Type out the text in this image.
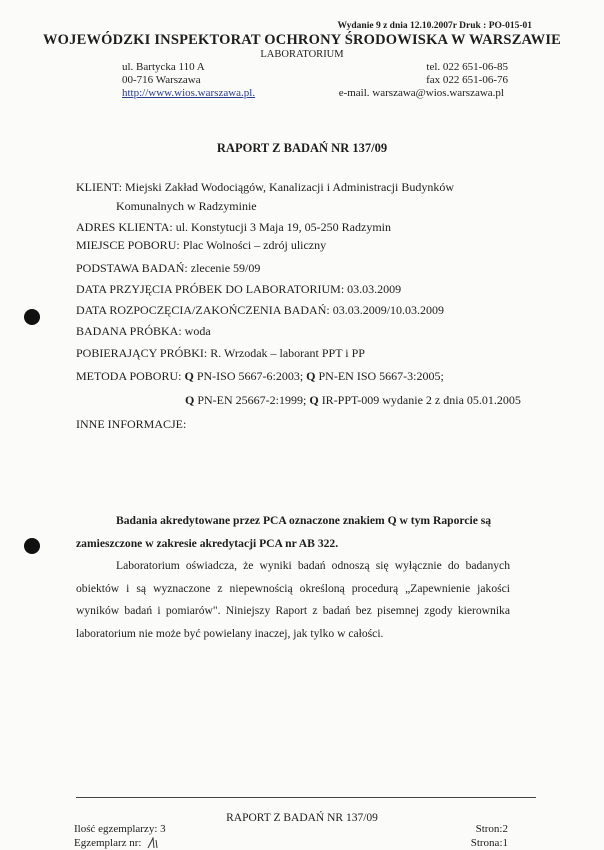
Wydanie 9 z dnia 12.10.2007r Druk : PO-015-01
WOJEWÓDZKI INSPEKTORAT OCHRONY ŚRODOWISKA W WARSZAWIE
LABORATORIUM
ul. Bartycka 110 A
00-716 Warszawa
http://www.wios.warszawa.pl.
tel. 022 651-06-85
fax 022 651-06-76
e-mail. warszawa@wios.warszawa.pl
RAPORT Z BADAŃ NR 137/09
KLIENT: Miejski Zakład Wodociągów, Kanalizacji i Administracji Budynków
Komunalnych w Radzyminie
ADRES KLIENTA: ul. Konstytucji 3 Maja 19, 05-250 Radzymin
MIEJSCE POBORU: Plac Wolności – zdrój uliczny
PODSTAWA BADAŃ: zlecenie 59/09
DATA PRZYJĘCIA PRÓBEK DO LABORATORIUM: 03.03.2009
DATA ROZPOCZĘCIA/ZAKOŃCZENIA BADAŃ: 03.03.2009/10.03.2009
BADANA PRÓBKA: woda
POBIERAJĄCY PRÓBKI: R. Wrzodak – laborant PPT i PP
METODA POBORU: Q PN-ISO 5667-6:2003; Q PN-EN ISO 5667-3:2005;
Q PN-EN 25667-2:1999; Q IR-PPT-009 wydanie 2 z dnia 05.01.2005
INNE INFORMACJE:

Badania akredytowane przez PCA oznaczone znakiem Q w tym Raporcie są

zamieszczone w zakresie akredytacji PCA nr AB 322.

Laboratorium oświadcza, że wyniki badań odnoszą się wyłącznie do badanych obiektów i są wyznaczone z niepewnością określoną procedurą „Zapewnienie jakości wyników badań i pomiarów". Niniejszy Raport z badań bez pisemnej zgody kierownika laboratorium nie może być powielany inaczej, jak tylko w całości.

RAPORT Z BADAŃ NR 137/09
Ilość egzemplarzy: 3
Egzemplarz nr:
Stron:2
Strona:1
